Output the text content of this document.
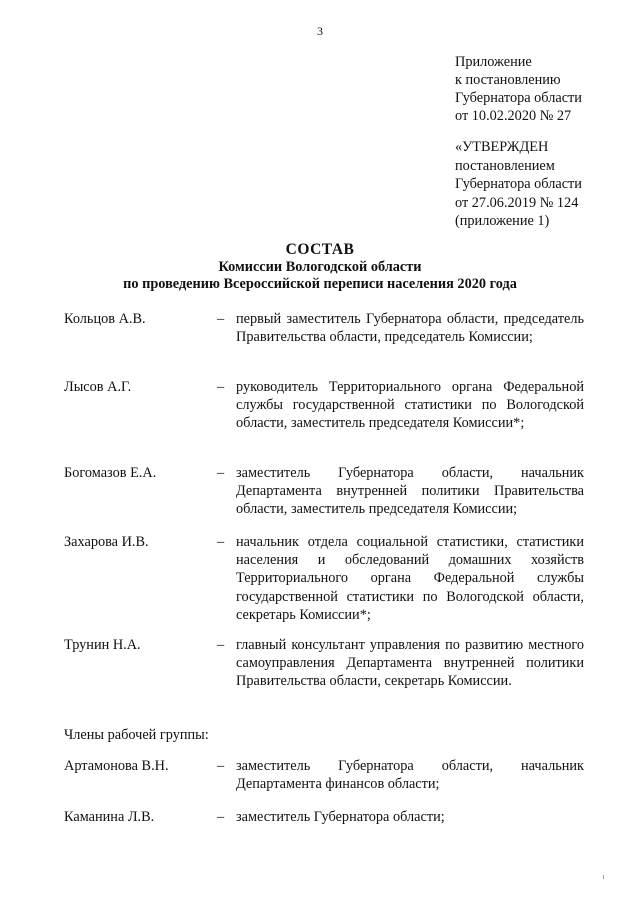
3
Приложение
к постановлению
Губернатора области
от 10.02.2020 № 27
«УТВЕРЖДЕН
постановлением
Губернатора области
от 27.06.2019 № 124
(приложение 1)
СОСТАВ
Комиссии Вологодской области
по проведению Всероссийской переписи населения 2020 года
Кольцов А.В.	– первый заместитель Губернатора области, председатель Правительства области, председатель Комиссии;
Лысов А.Г.	– руководитель Территориального органа Федеральной службы государственной статистики по Вологодской области, заместитель председателя Комиссии*;
Богомазов Е.А.	– заместитель Губернатора области, начальник Департамента внутренней политики Правительства области, заместитель председателя Комиссии;
Захарова И.В.	– начальник отдела социальной статистики, статистики населения и обследований домашних хозяйств Территориального органа Федеральной службы государственной статистики по Вологодской области, секретарь Комиссии*;
Трунин Н.А.	– главный консультант управления по развитию местного самоуправления Департамента внутренней политики Правительства области, секретарь Комиссии.
Члены рабочей группы:
Артамонова В.Н.	– заместитель Губернатора области, начальник Департамента финансов области;
Каманина Л.В.	– заместитель Губернатора области;
